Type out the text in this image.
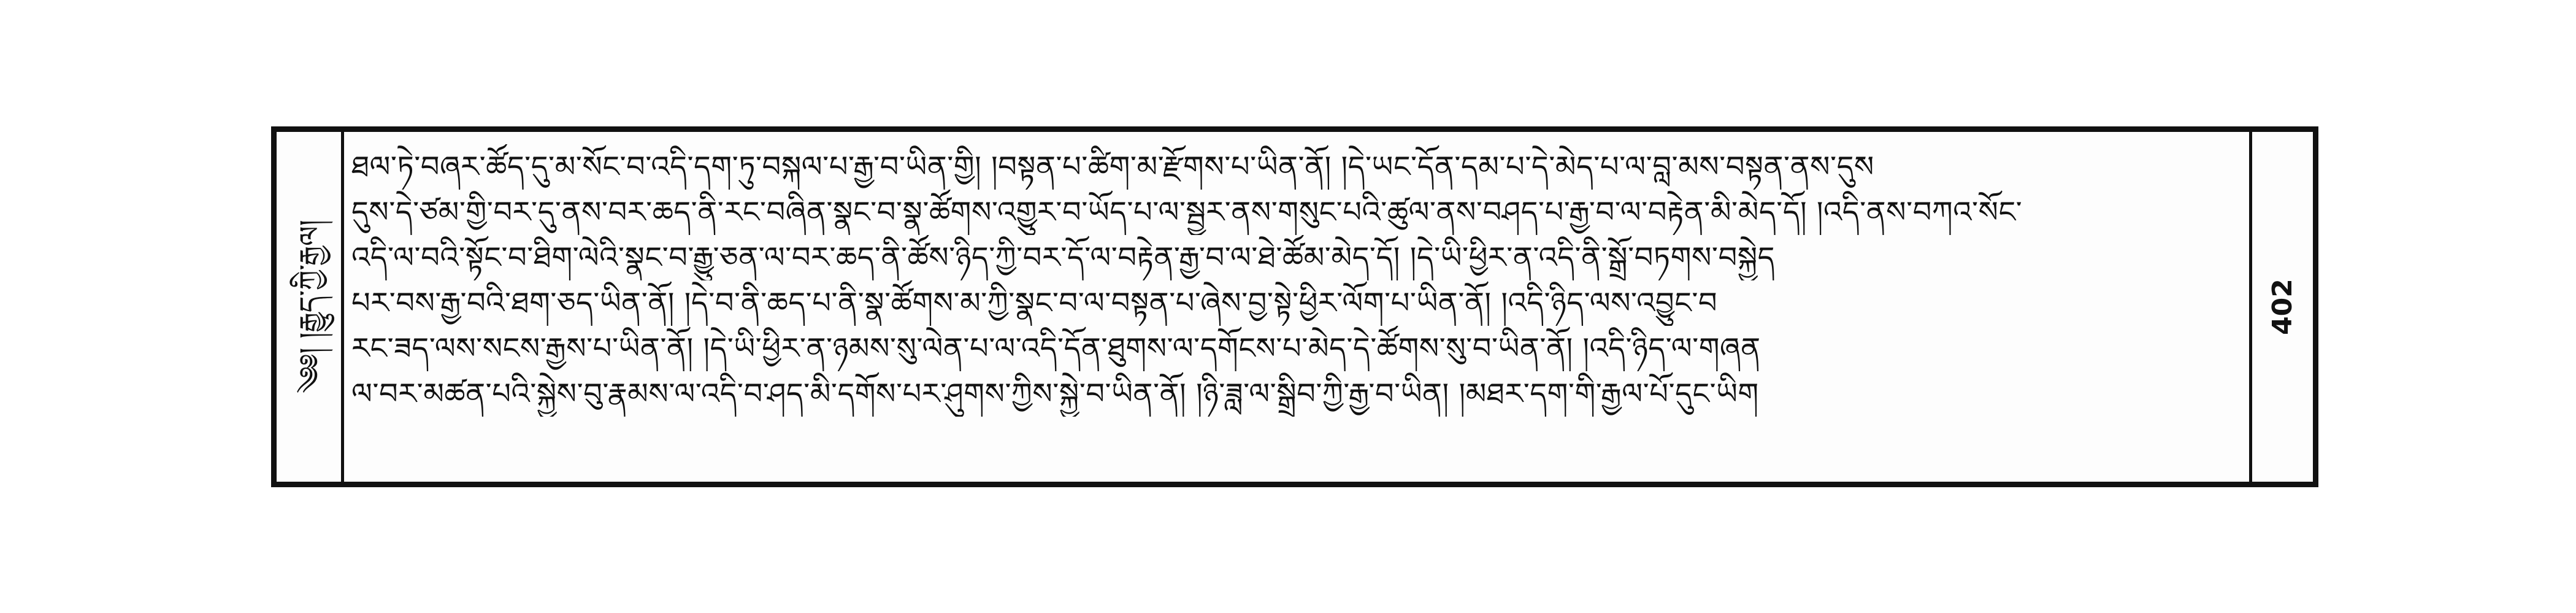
༄༅། །རྒྱུད་ཀྱི་རྒྱལ།
ཐལ་ཏེ་བཞར་ཚོད་དུ་མ་སོང་བ་འདི་དག་ཏུ་བསྐལ་པ་རྒྱ་བ་ཡིན་གྱི། །བསྟན་པ་ཚིག་མ་རྫོགས་པ་ཡིན་ནོ། །དེ་ཡང་དོན་དམ་པ་དེ་མེད་པ་ལ་བླ་མས་བསྟན་ནས་དུས
དུས་དེ་ཙམ་གྱི་བར་དུ་ནས་བར་ཆད་ནི་རང་བཞིན་སྣང་བ་སྣ་ཚོགས་འགྱུར་བ་ཡོད་པ་ལ་སྦྱར་ནས་གསུང་པའི་ཚུལ་ནས་བཤད་པ་རྒྱ་བ་ལ་བརྟེན་མི་མེད་དོ། །འདི་ནས་བཀའ་སོང་
འདི་ལ་བའི་སྟོང་བ་ཐིག་ལེའི་སྣང་བ་རྒྱུ་ཅན་ལ་བར་ཆད་ནི་ཚོས་ཉིད་ཀྱི་བར་དོ་ལ་བརྟེན་རྒྱ་བ་ལ་ཐེ་ཚོམ་མེད་དོ། །དེ་ཡི་ཕྱིར་ན་འདི་ནི་སྒྲོ་བཏགས་བསྐྱེད
པར་བས་རྒྱ་བའི་ཐག་ཅད་ཡིན་ནོ། །དེ་བ་ནི་ཆད་པ་ནི་སྣ་ཚོགས་མ་ཀྱི་སྣང་བ་ལ་བསྟན་པ་ཞེས་བྱ་སྟེ་ཕྱིར་ལོག་པ་ཡིན་ནོ། །འདི་ཉིད་ལས་འབྱུང་བ
རང་ཟད་ལས་སངས་རྒྱས་པ་ཡིན་ནོ། །དེ་ཡི་ཕྱིར་ན་ཉམས་སུ་ལེན་པ་ལ་འདི་དོན་ཐུགས་ལ་དགོངས་པ་མེད་དེ་ཚོགས་སུ་བ་ཡིན་ནོ། །འདི་ཉིད་ལ་གཞན
ལ་བར་མཚན་པའི་སྐྱེས་བུ་རྣམས་ལ་འདི་བ་ཤད་མི་དགོས་པར་ཤུགས་ཀྱིས་སྐྱེ་བ་ཡིན་ནོ། །ཉི་ཟླ་ལ་སྒྲིབ་ཀྱི་རྒྱ་བ་ཡིན། །མཐར་དག་གི་རྒྱལ་པོ་དུང་ཡིག
402
